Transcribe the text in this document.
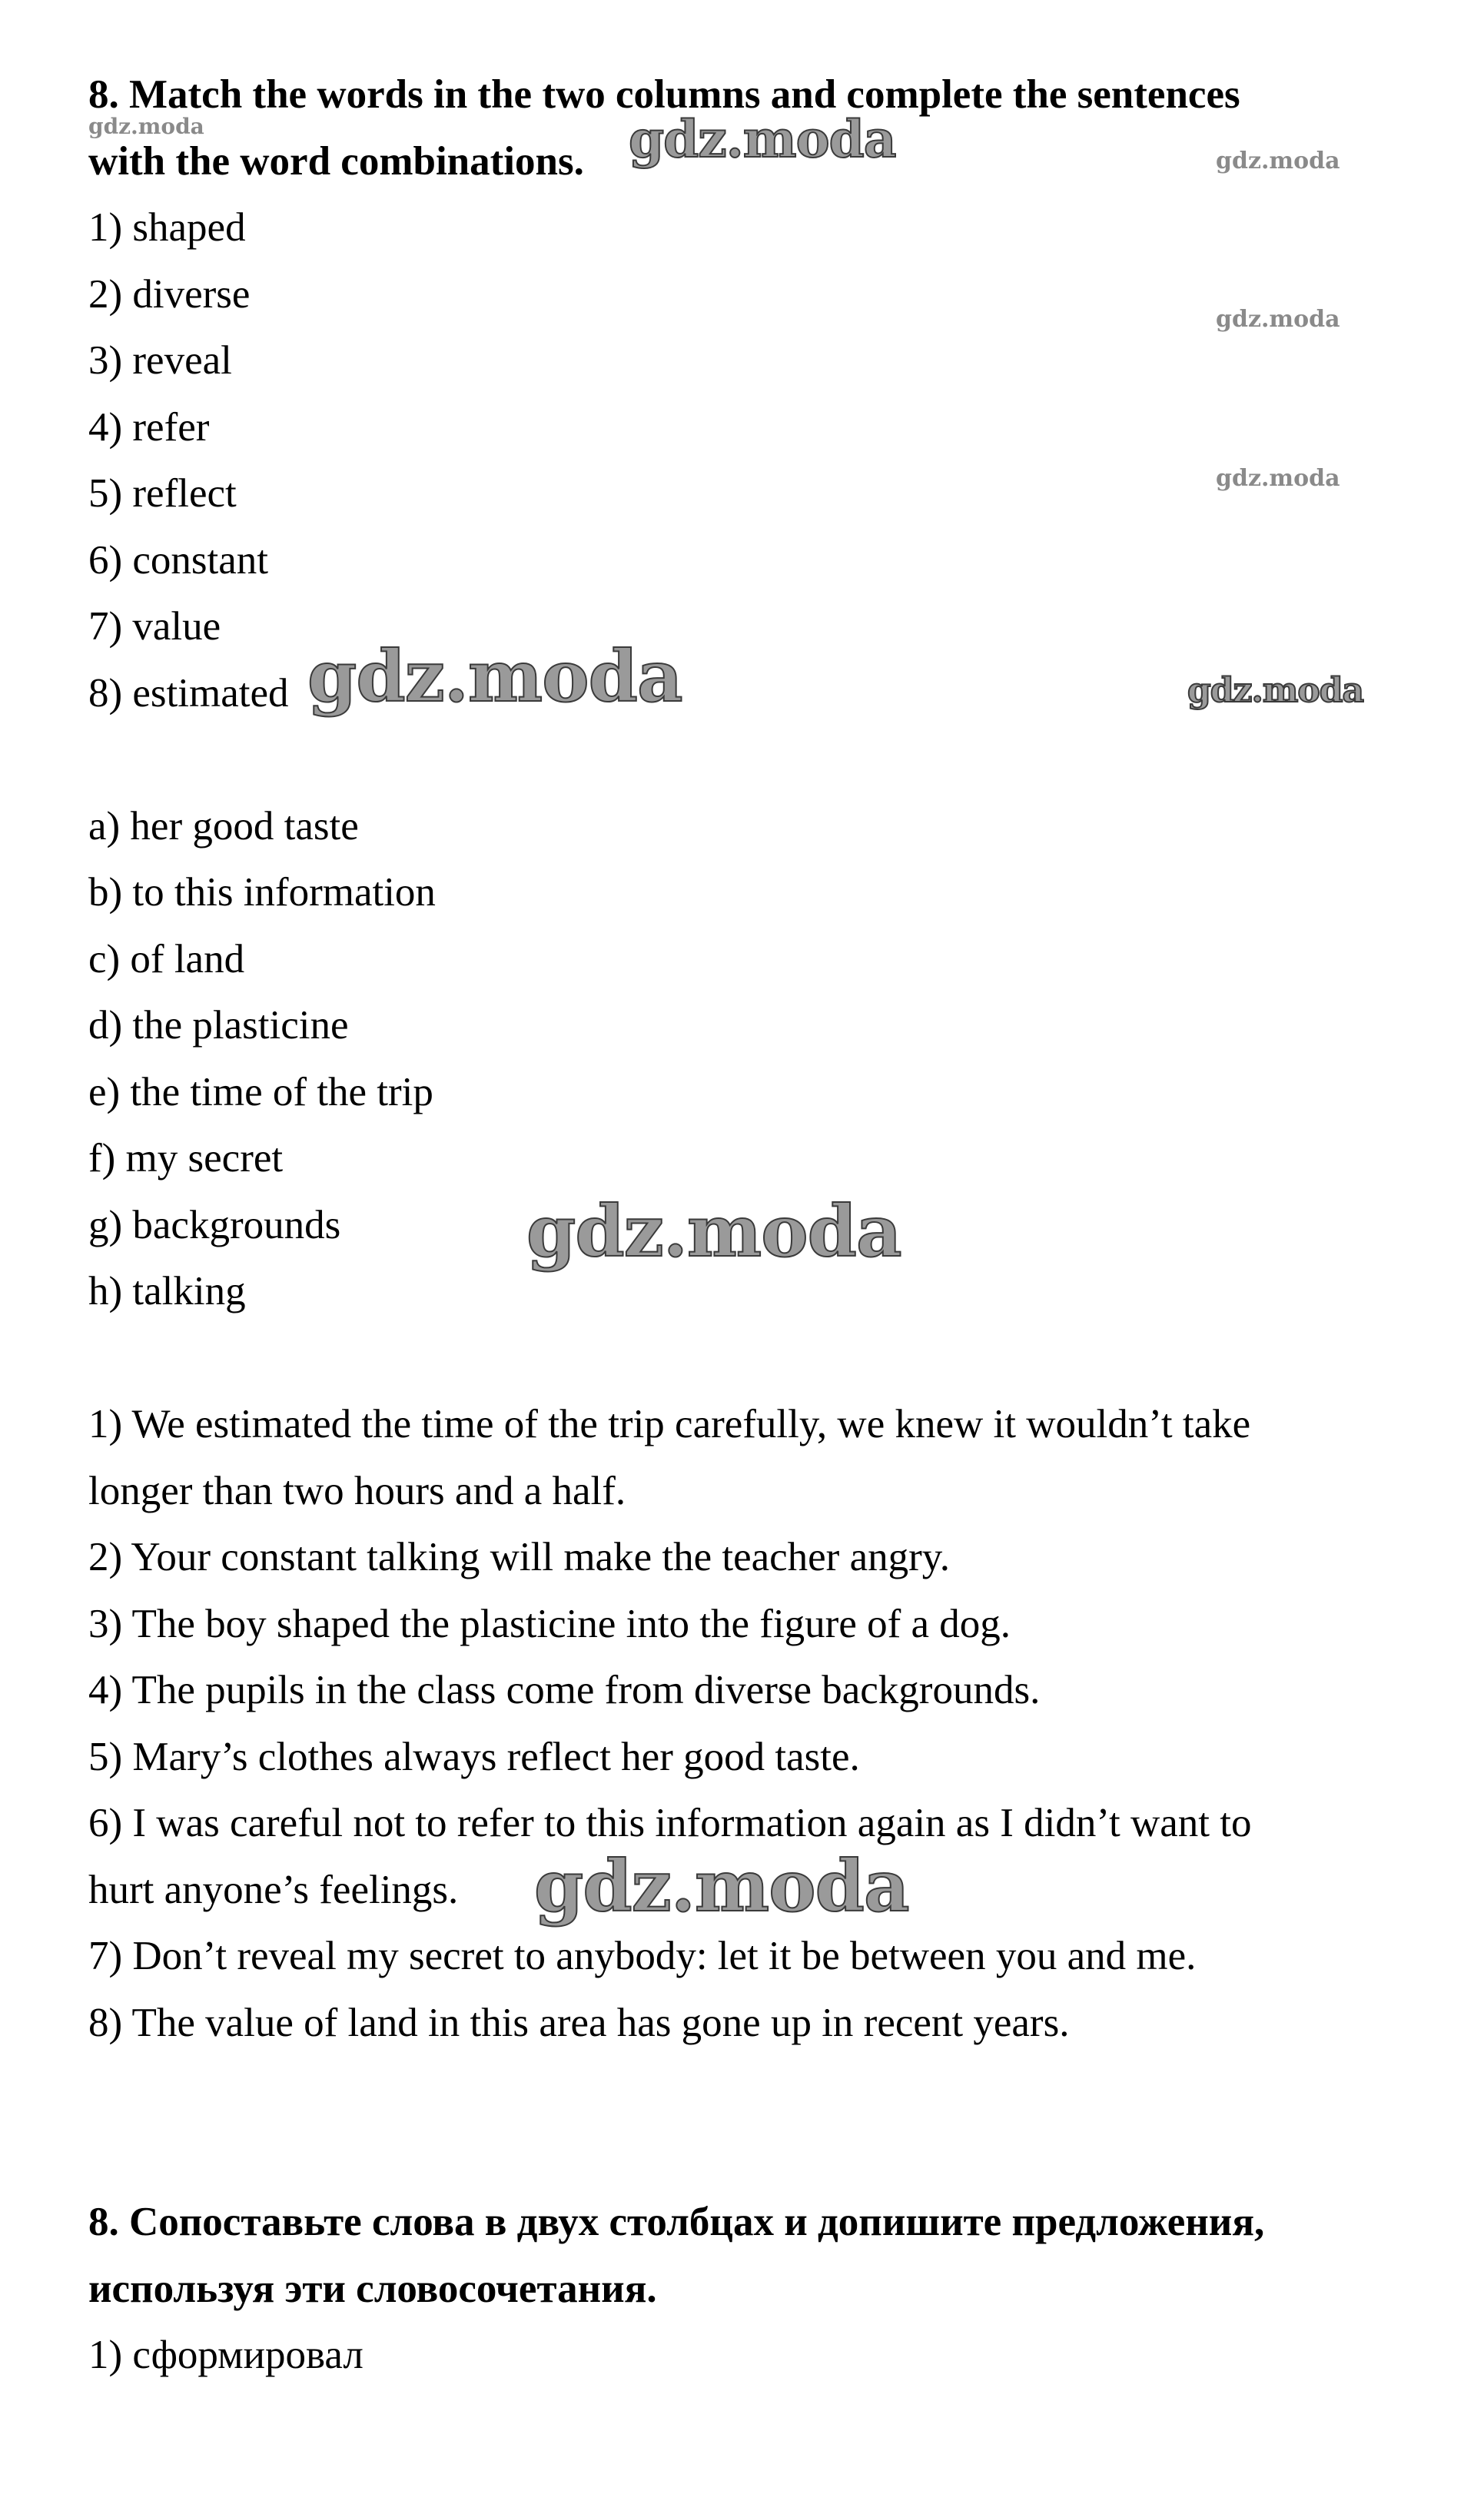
8. Match the words in the two columns and complete the sentences
with the word combinations.
1) shaped
2) diverse
3) reveal
4) refer
5) reflect
6) constant
7) value
8) estimated
a) her good taste
b) to this information
c) of land
d) the plasticine
e) the time of the trip
f) my secret
g) backgrounds
h) talking
1) We estimated the time of the trip carefully, we knew it wouldn’t take
longer than two hours and a half.
2) Your constant talking will make the teacher angry.
3) The boy shaped the plasticine into the figure of a dog.
4) The pupils in the class come from diverse backgrounds.
5) Mary’s clothes always reflect her good taste.
6) I was careful not to refer to this information again as I didn’t want to
hurt anyone’s feelings.
7) Don’t reveal my secret to anybody: let it be between you and me.
8) The value of land in this area has gone up in recent years.
8. Сопоставьте слова в двух столбцах и допишите предложения,
используя эти словосочетания.
1) сформировал
gdz.moda	gdz.moda	gdz.moda
gdz.moda
gdz.moda
gdz.moda	gdz.moda
gdz.moda
gdz.moda
